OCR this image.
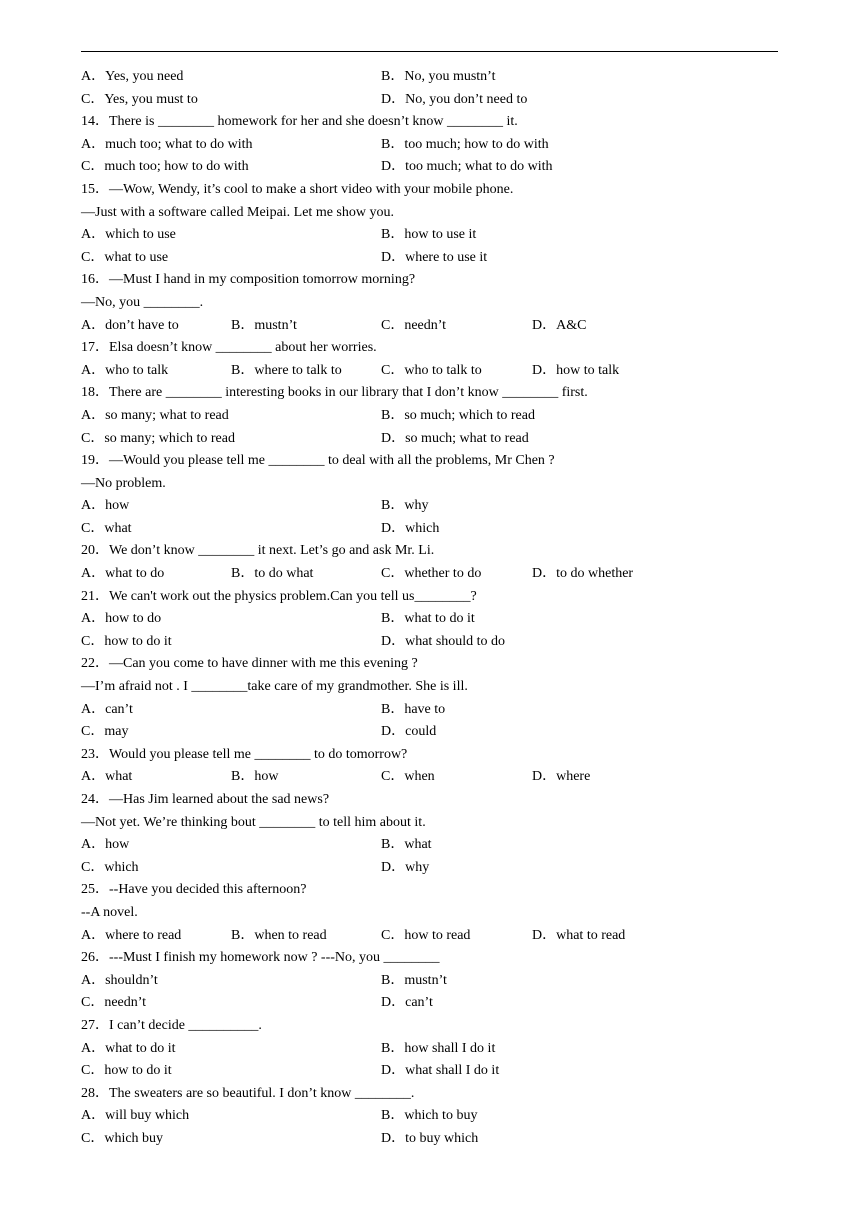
A．Yes, you need	B．No, you mustn’t
C．Yes, you must to	D．No, you don’t need to
14．There is ________ homework for her and she doesn’t know ________ it.
A．much too; what to do with	B．too much; how to do with
C．much too; how to do with	D．too much; what to do with
15．—Wow, Wendy, it’s cool to make a short video with your mobile phone.
—Just with a software called Meipai. Let me show you.
A．which to use	B．how to use it
C．what to use	D．where to use it
16．—Must I hand in my composition tomorrow morning?
—No, you ________.
A．don’t have to	B．mustn’t	C．needn’t	D．A&C
17．Elsa doesn’t know ________ about her worries.
A．who to talk	B．where to talk to	C．who to talk to	D．how to talk
18．There are ________ interesting books in our library that I don’t know ________ first.
A．so many; what to read	B．so much; which to read
C．so many; which to read	D．so much; what to read
19．—Would you please tell me ________ to deal with all the problems, Mr Chen ?
—No problem.
A．how	B．why
C．what	D．which
20．We don’t know ________ it next. Let’s go and ask Mr. Li.
A．what to do	B．to do what	C．whether to do	D．to do whether
21．We can't work out the physics problem.Can you tell us________?
A．how to do	B．what to do it
C．how to do it	D．what should to do
22．—Can you come to have dinner with me this evening ?
—I’m afraid not . I ________take care of my grandmother. She is ill.
A．can’t	B．have to
C．may	D．could
23．Would you please tell me ________ to do tomorrow?
A．what	B．how	C．when	D．where
24．—Has Jim learned about the sad news?
—Not yet. We’re thinking bout ________ to tell him about it.
A．how	B．what
C．which	D．why
25．--Have you decided this afternoon?
--A novel.
A．where to read	B．when to read	C．how to read	D．what to read
26．---Must I finish my homework now ? ---No, you ________
A．shouldn’t	B．mustn’t
C．needn’t	D．can’t
27．I can’t decide __________.
A．what to do it	B．how shall I do it
C．how to do it	D．what shall I do it
28．The sweaters are so beautiful. I don’t know ________.
A．will buy which	B．which to buy
C．which buy	D．to buy which
